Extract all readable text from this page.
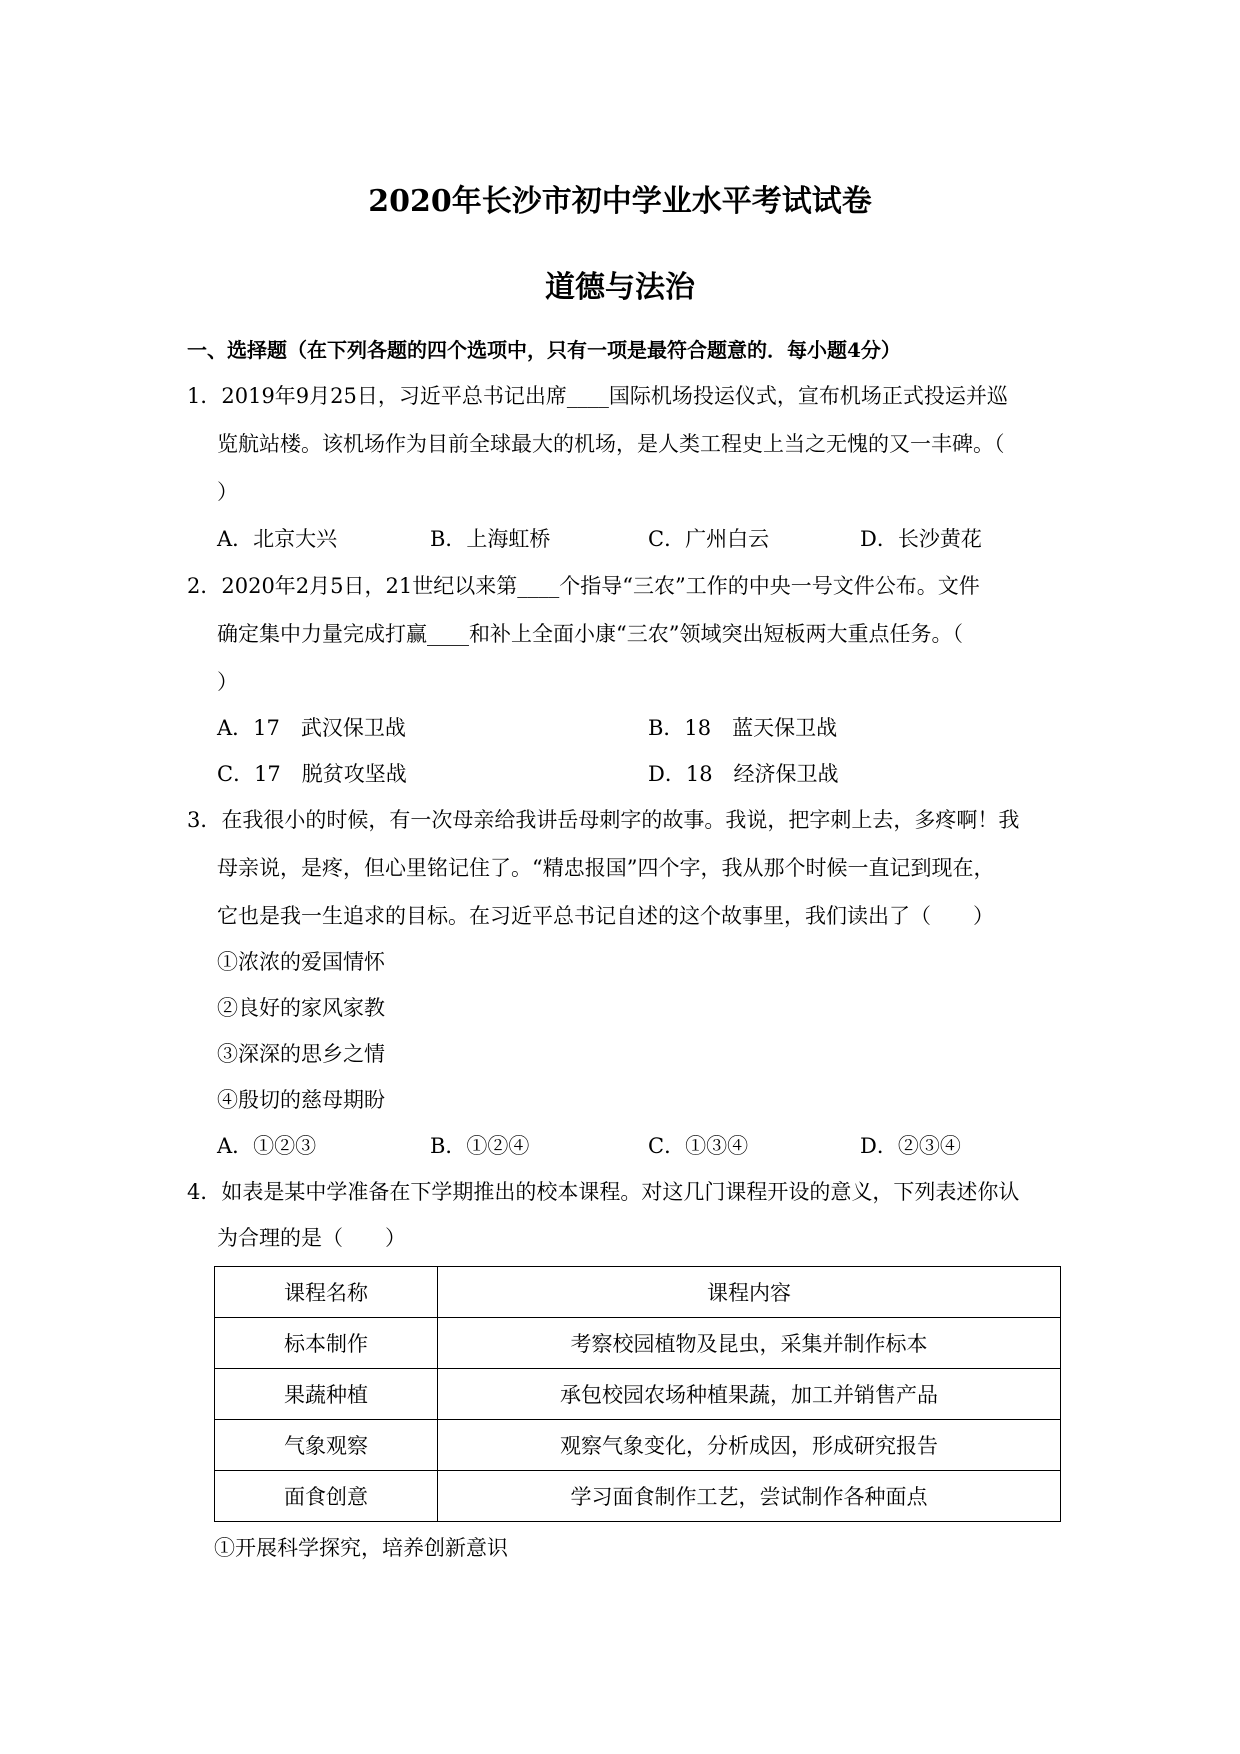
2020年长沙市初中学业水平考试试卷
道德与法治
一、选择题（在下列各题的四个选项中，只有一项是最符合题意的．每小题4分）
1．2019年9月25日，习近平总书记出席____国际机场投运仪式，宣布机场正式投运并巡
览航站楼。该机场作为目前全球最大的机场，是人类工程史上当之无愧的又一丰碑。（
）
A．北京大兴	B．上海虹桥	C．广州白云	D．长沙黄花
2．2020年2月5日，21世纪以来第____个指导“三农”工作的中央一号文件公布。文件
确定集中力量完成打赢____和补上全面小康“三农”领域突出短板两大重点任务。（
）
A．17　武汉保卫战	B．18　蓝天保卫战
C．17　脱贫攻坚战	D．18　经济保卫战
3．在我很小的时候，有一次母亲给我讲岳母刺字的故事。我说，把字刺上去，多疼啊！我
母亲说，是疼，但心里铭记住了。“精忠报国”四个字，我从那个时候一直记到现在，
它也是我一生追求的目标。在习近平总书记自述的这个故事里，我们读出了（　　）
①浓浓的爱国情怀
②良好的家风家教
③深深的思乡之情
④殷切的慈母期盼
A．①②③	B．①②④	C．①③④	D．②③④
4．如表是某中学准备在下学期推出的校本课程。对这几门课程开设的意义，下列表述你认
为合理的是（　　）
课程名称	课程内容
标本制作	考察校园植物及昆虫，采集并制作标本
果蔬种植	承包校园农场种植果蔬，加工并销售产品
气象观察	观察气象变化，分析成因，形成研究报告
面食创意	学习面食制作工艺，尝试制作各种面点
①开展科学探究，培养创新意识
